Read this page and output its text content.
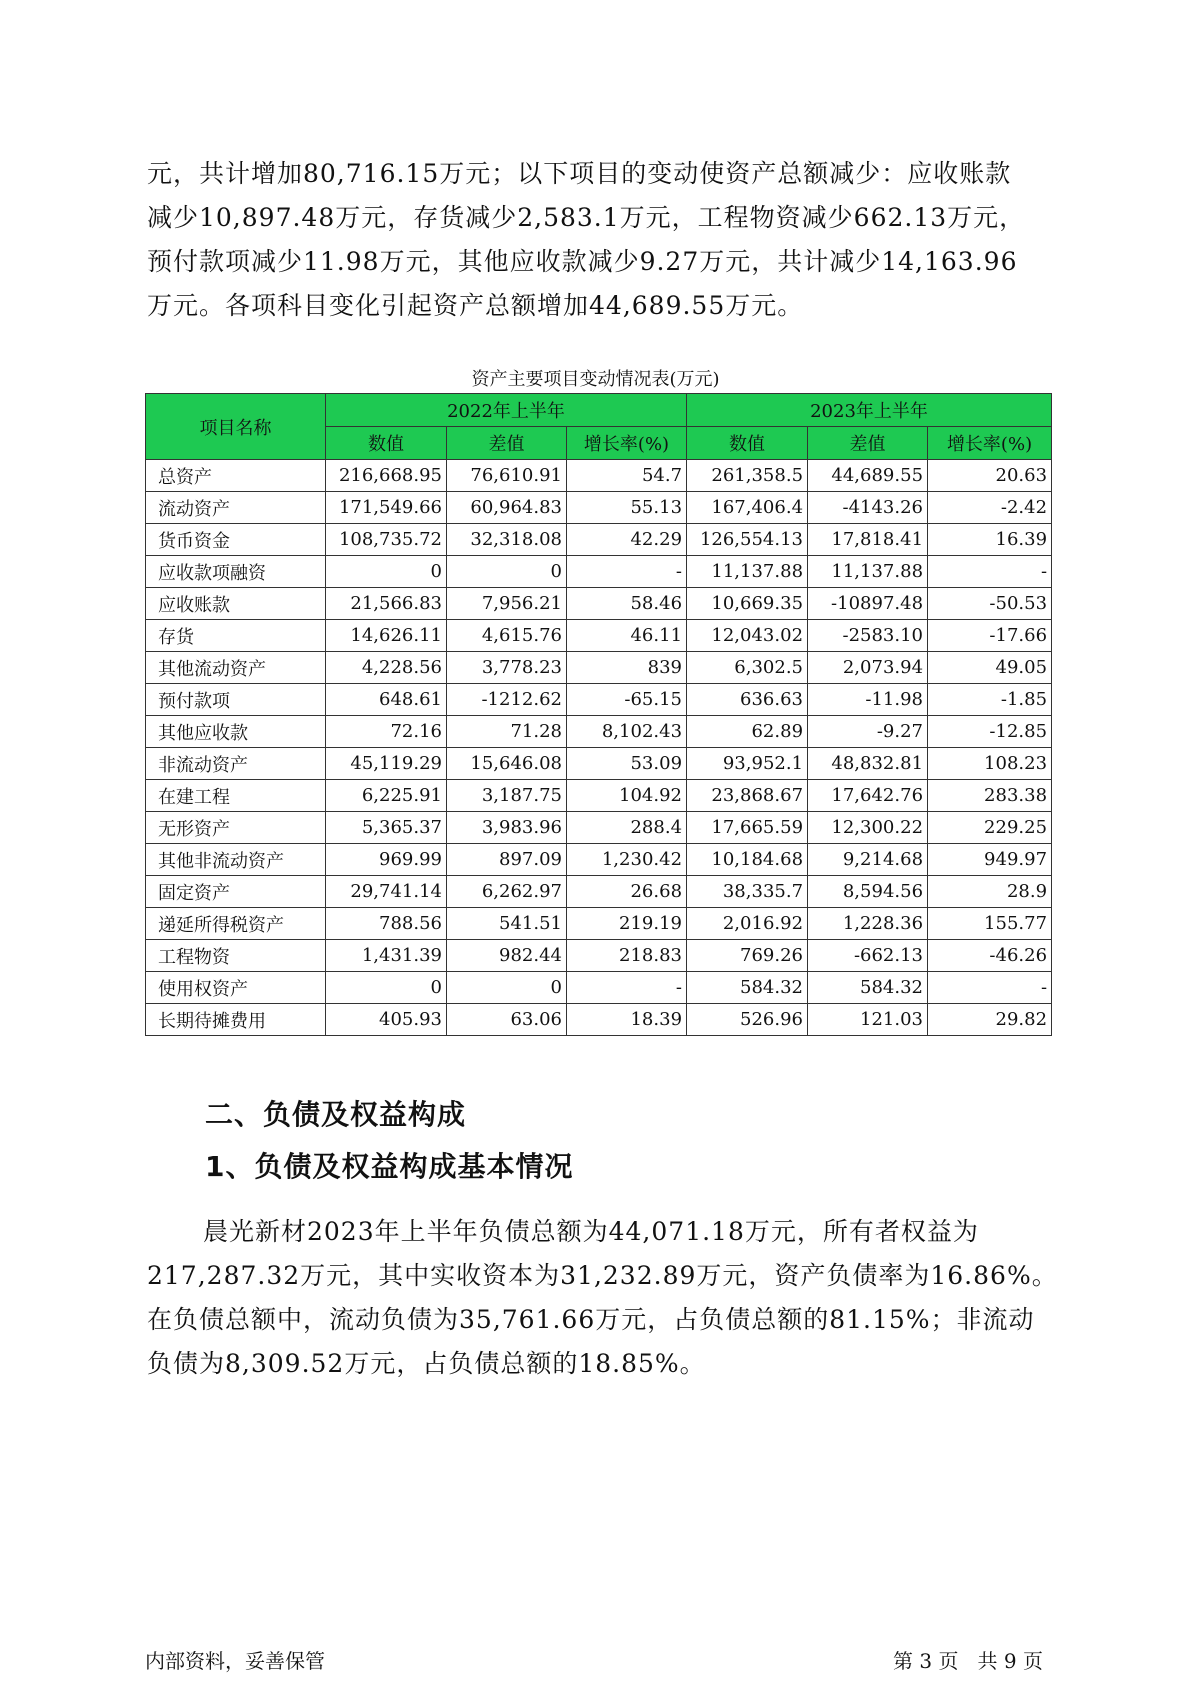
元，共计增加80,716.15万元；以下项目的变动使资产总额减少：应收账款

减少10,897.48万元，存货减少2,583.1万元，工程物资减少662.13万元，

预付款项减少11.98万元，其他应收款减少9.27万元，共计减少14,163.96

万元。各项科目变化引起资产总额增加44,689.55万元。

资产主要项目变动情况表(万元)
项目名称	2022年上半年			2023年上半年		
	数值	差值	增长率(%)	数值	差值	增长率(%)
总资产	216,668.95	76,610.91	54.7	261,358.5	44,689.55	20.63
流动资产	171,549.66	60,964.83	55.13	167,406.4	-4143.26	-2.42
货币资金	108,735.72	32,318.08	42.29	126,554.13	17,818.41	16.39
应收款项融资	0	0	-	11,137.88	11,137.88	-
应收账款	21,566.83	7,956.21	58.46	10,669.35	-10897.48	-50.53
存货	14,626.11	4,615.76	46.11	12,043.02	-2583.10	-17.66
其他流动资产	4,228.56	3,778.23	839	6,302.5	2,073.94	49.05
预付款项	648.61	-1212.62	-65.15	636.63	-11.98	-1.85
其他应收款	72.16	71.28	8,102.43	62.89	-9.27	-12.85
非流动资产	45,119.29	15,646.08	53.09	93,952.1	48,832.81	108.23
在建工程	6,225.91	3,187.75	104.92	23,868.67	17,642.76	283.38
无形资产	5,365.37	3,983.96	288.4	17,665.59	12,300.22	229.25
其他非流动资产	969.99	897.09	1,230.42	10,184.68	9,214.68	949.97
固定资产	29,741.14	6,262.97	26.68	38,335.7	8,594.56	28.9
递延所得税资产	788.56	541.51	219.19	2,016.92	1,228.36	155.77
工程物资	1,431.39	982.44	218.83	769.26	-662.13	-46.26
使用权资产	0	0	-	584.32	584.32	-
长期待摊费用	405.93	63.06	18.39	526.96	121.03	29.82
二、负债及权益构成
1、负债及权益构成基本情况

晨光新材2023年上半年负债总额为44,071.18万元，所有者权益为

217,287.32万元，其中实收资本为31,232.89万元，资产负债率为16.86%。

在负债总额中，流动负债为35,761.66万元，占负债总额的81.15%；非流动

负债为8,309.52万元，占负债总额的18.85%。

内部资料，妥善保管	第 3 页   共 9 页
